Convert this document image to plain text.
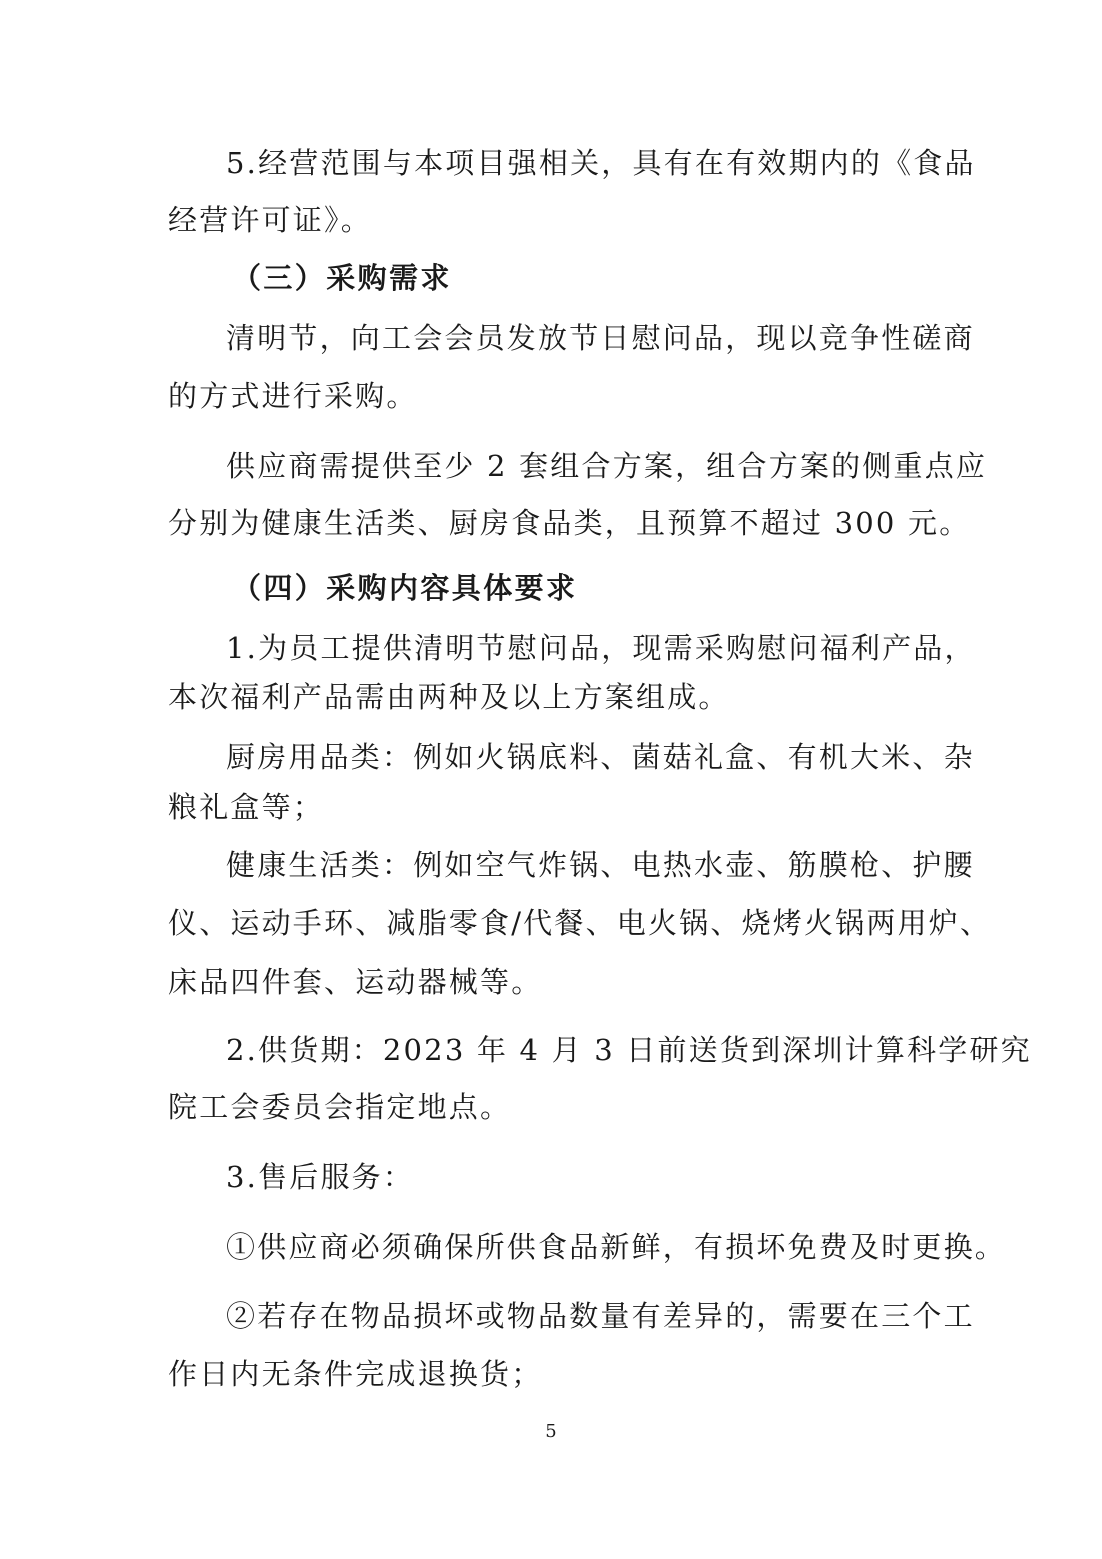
5.经营范围与本项目强相关，具有在有效期内的《食品
经营许可证》。
（三）采购需求
清明节，向工会会员发放节日慰问品，现以竞争性磋商
的方式进行采购。
供应商需提供至少 2 套组合方案，组合方案的侧重点应
分别为健康生活类、厨房食品类，且预算不超过 300 元。
（四）采购内容具体要求
1.为员工提供清明节慰问品，现需采购慰问福利产品，
本次福利产品需由两种及以上方案组成。
厨房用品类：例如火锅底料、菌菇礼盒、有机大米、杂
粮礼盒等；
健康生活类：例如空气炸锅、电热水壶、筋膜枪、护腰
仪、运动手环、减脂零食/代餐、电火锅、烧烤火锅两用炉、
床品四件套、运动器械等。
2.供货期：2023 年 4 月 3 日前送货到深圳计算科学研究
院工会委员会指定地点。
3.售后服务：
①供应商必须确保所供食品新鲜，有损坏免费及时更换。
②若存在物品损坏或物品数量有差异的，需要在三个工
作日内无条件完成退换货；
5
